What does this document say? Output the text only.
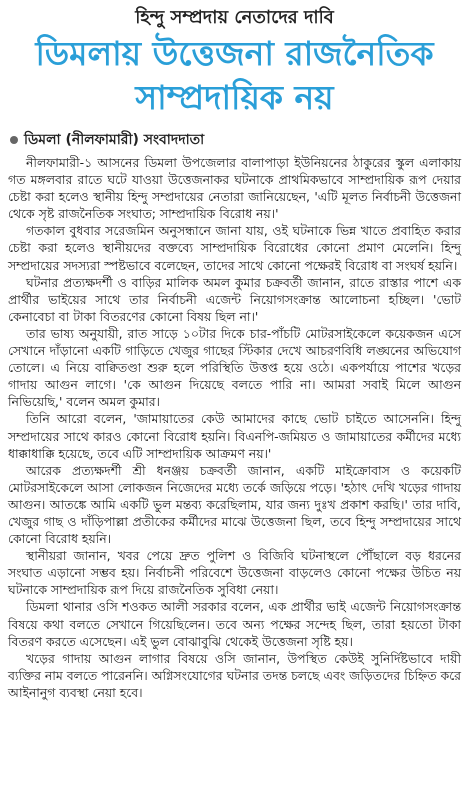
হিন্দু সম্প্রদায় নেতাদের দাবি
ডিমলায় উত্তেজনা রাজনৈতিক
সাম্প্রদায়িক নয়
ডিমলা (নীলফামারী) সংবাদদাতা

নীলফামারী-১ আসনের ডিমলা উপজেলার বালাপাড়া ইউনিয়নের ঠাকুরের স্কুল এলাকায় গত মঙ্গলবার রাতে ঘটে যাওয়া উত্তেজনাকর ঘটনাকে প্রাথমিকভাবে সাম্প্রদায়িক রূপ দেয়ার চেষ্টা করা হলেও স্থানীয় হিন্দু সম্প্রদায়ের নেতারা জানিয়েছেন, 'এটি মূলত নির্বাচনী উত্তেজনা থেকে সৃষ্ট রাজনৈতিক সংঘাত; সাম্প্রদায়িক বিরোধ নয়।'

গতকাল বুধবার সরেজমিন অনুসন্ধানে জানা যায়, ওই ঘটনাকে ভিন্ন খাতে প্রবাহিত করার চেষ্টা করা হলেও স্থানীয়দের বক্তব্যে সাম্প্রদায়িক বিরোধের কোনো প্রমাণ মেলেনি। হিন্দু সম্প্রদায়ের সদস্যরা স্পষ্টভাবে বলেছেন, তাদের সাথে কোনো পক্ষেরই বিরোধ বা সংঘর্ষ হয়নি।

ঘটনার প্রত্যক্ষদর্শী ও বাড়ির মালিক অমল কুমার চক্রবর্তী জানান, রাতে রাস্তার পাশে এক প্রার্থীর ভাইয়ের সাথে তার নির্বাচনী এজেন্ট নিয়োগসংক্রান্ত আলোচনা হচ্ছিল। 'ভোট কেনাবেচা বা টাকা বিতরণের কোনো বিষয় ছিল না।'

তার ভাষ্য অনুযায়ী, রাত সাড়ে ১০টার দিকে চার-পাঁচটি মোটরসাইকেলে কয়েকজন এসে সেখানে দাঁড়ানো একটি গাড়িতে খেজুর গাছের স্টিকার দেখে আচরণবিধি লঙ্ঘনের অভিযোগ তোলে। এ নিয়ে বাক্বিতণ্ডা শুরু হলে পরিস্থিতি উত্তপ্ত হয়ে ওঠে। একপর্যায়ে পাশের খড়ের গাদায় আগুন লাগে। 'কে আগুন দিয়েছে বলতে পারি না। আমরা সবাই মিলে আগুন নিভিয়েছি,' বলেন অমল কুমার।

তিনি আরো বলেন, 'জামায়াতের কেউ আমাদের কাছে ভোট চাইতে আসেননি। হিন্দু সম্প্রদায়ের সাথে কারও কোনো বিরোধ হয়নি। বিএনপি-জমিয়ত ও জামায়াতের কর্মীদের মধ্যে ধাক্কাধাক্কি হয়েছে, তবে এটি সাম্প্রদায়িক আক্রমণ নয়।'

আরেক প্রত্যক্ষদর্শী শ্রী ধনঞ্জয় চক্রবর্তী জানান, একটি মাইক্রোবাস ও কয়েকটি মোটরসাইকেলে আসা লোকজন নিজেদের মধ্যে তর্কে জড়িয়ে পড়ে। 'হঠাৎ দেখি খড়ের গাদায় আগুন। আতঙ্কে আমি একটি ভুল মন্তব্য করেছিলাম, যার জন্য দুঃখ প্রকাশ করছি।' তার দাবি, খেজুর গাছ ও দাঁড়িপাল্লা প্রতীকের কর্মীদের মাঝে উত্তেজনা ছিল, তবে হিন্দু সম্প্রদায়ের সাথে কোনো বিরোধ হয়নি।

স্থানীয়রা জানান, খবর পেয়ে দ্রুত পুলিশ ও বিজিবি ঘটনাস্থলে পৌঁছালে বড় ধরনের সংঘাত এড়ানো সম্ভব হয়। নির্বাচনী পরিবেশে উত্তেজনা বাড়লেও কোনো পক্ষের উচিত নয় ঘটনাকে সাম্প্রদায়িক রূপ দিয়ে রাজনৈতিক সুবিধা নেয়া।

ডিমলা থানার ওসি শওকত আলী সরকার বলেন, এক প্রার্থীর ভাই এজেন্ট নিয়োগসংক্রান্ত বিষয়ে কথা বলতে সেখানে গিয়েছিলেন। তবে অন্য পক্ষের সন্দেহ ছিল, তারা হয়তো টাকা বিতরণ করতে এসেছেন। এই ভুল বোঝাবুঝি থেকেই উত্তেজনা সৃষ্টি হয়।

খড়ের গাদায় আগুন লাগার বিষয়ে ওসি জানান, উপস্থিত কেউই সুনির্দিষ্টভাবে দায়ী ব্যক্তির নাম বলতে পারেননি। অগ্নিসংযোগের ঘটনার তদন্ত চলছে এবং জড়িতদের চিহ্নিত করে আইনানুগ ব্যবস্থা নেয়া হবে।
